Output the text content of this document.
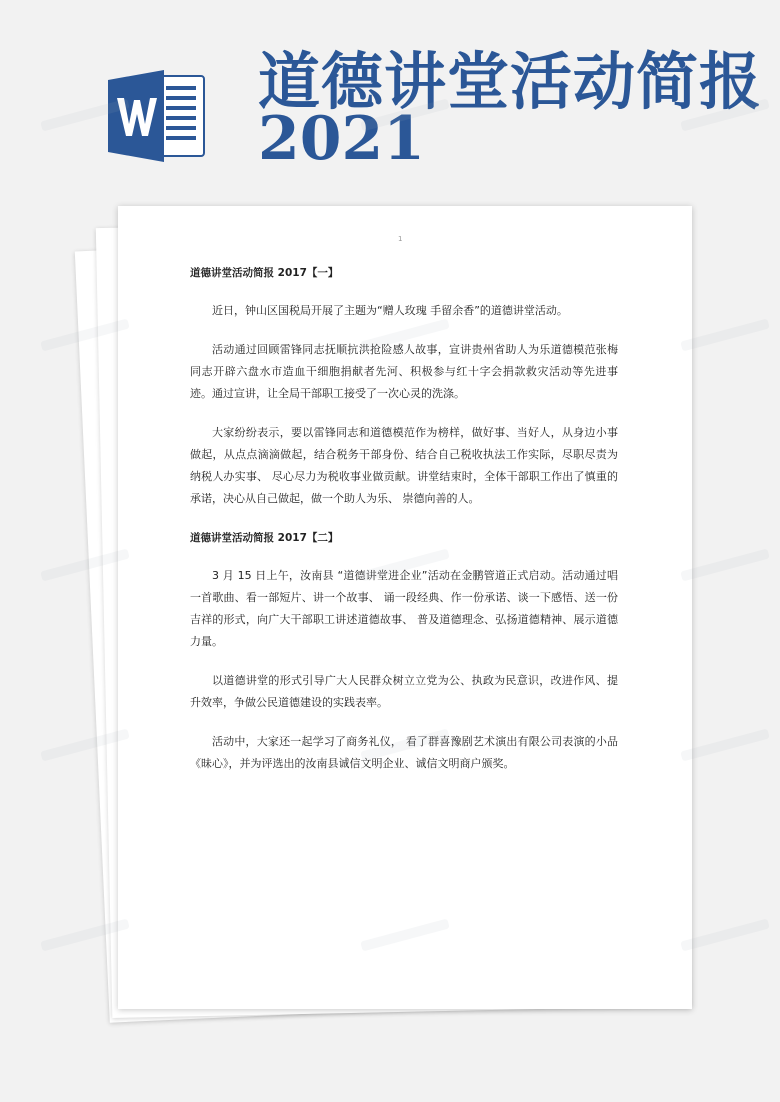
道德讲堂活动简报
2021
1
道德讲堂活动简报 2017【一】

近日，钟山区国税局开展了主题为“赠人玫瑰 手留余香”的道德讲堂活动。

活动通过回顾雷锋同志抚顺抗洪抢险感人故事，宣讲贵州省助人为乐道德模范张梅同志开辟六盘水市造血干细胞捐献者先河、积极参与红十字会捐款救灾活动等先进事迹。通过宣讲，让全局干部职工接受了一次心灵的洗涤。

大家纷纷表示，要以雷锋同志和道德模范作为榜样，做好事、当好人，从身边小事做起，从点点滴滴做起，结合税务干部身份、结合自己税收执法工作实际，尽职尽责为纳税人办实事、 尽心尽力为税收事业做贡献。讲堂结束时，全体干部职工作出了慎重的承诺，决心从自己做起，做一个助人为乐、 崇德向善的人。

道德讲堂活动简报 2017【二】

3 月 15 日上午，汝南县 “道德讲堂进企业”活动在金鹏管道正式启动。活动通过唱一首歌曲、看一部短片、讲一个故事、 诵一段经典、作一份承诺、谈一下感悟、送一份吉祥的形式，向广大干部职工讲述道德故事、 普及道德理念、弘扬道德精神、展示道德力量。

以道德讲堂的形式引导广大人民群众树立立党为公、执政为民意识，改进作风、提升效率，争做公民道德建设的实践表率。

活动中，大家还一起学习了商务礼仪， 看了群喜豫剧艺术演出有限公司表演的小品《昧心》，并为评选出的汝南县诚信文明企业、诚信文明商户颁奖。
